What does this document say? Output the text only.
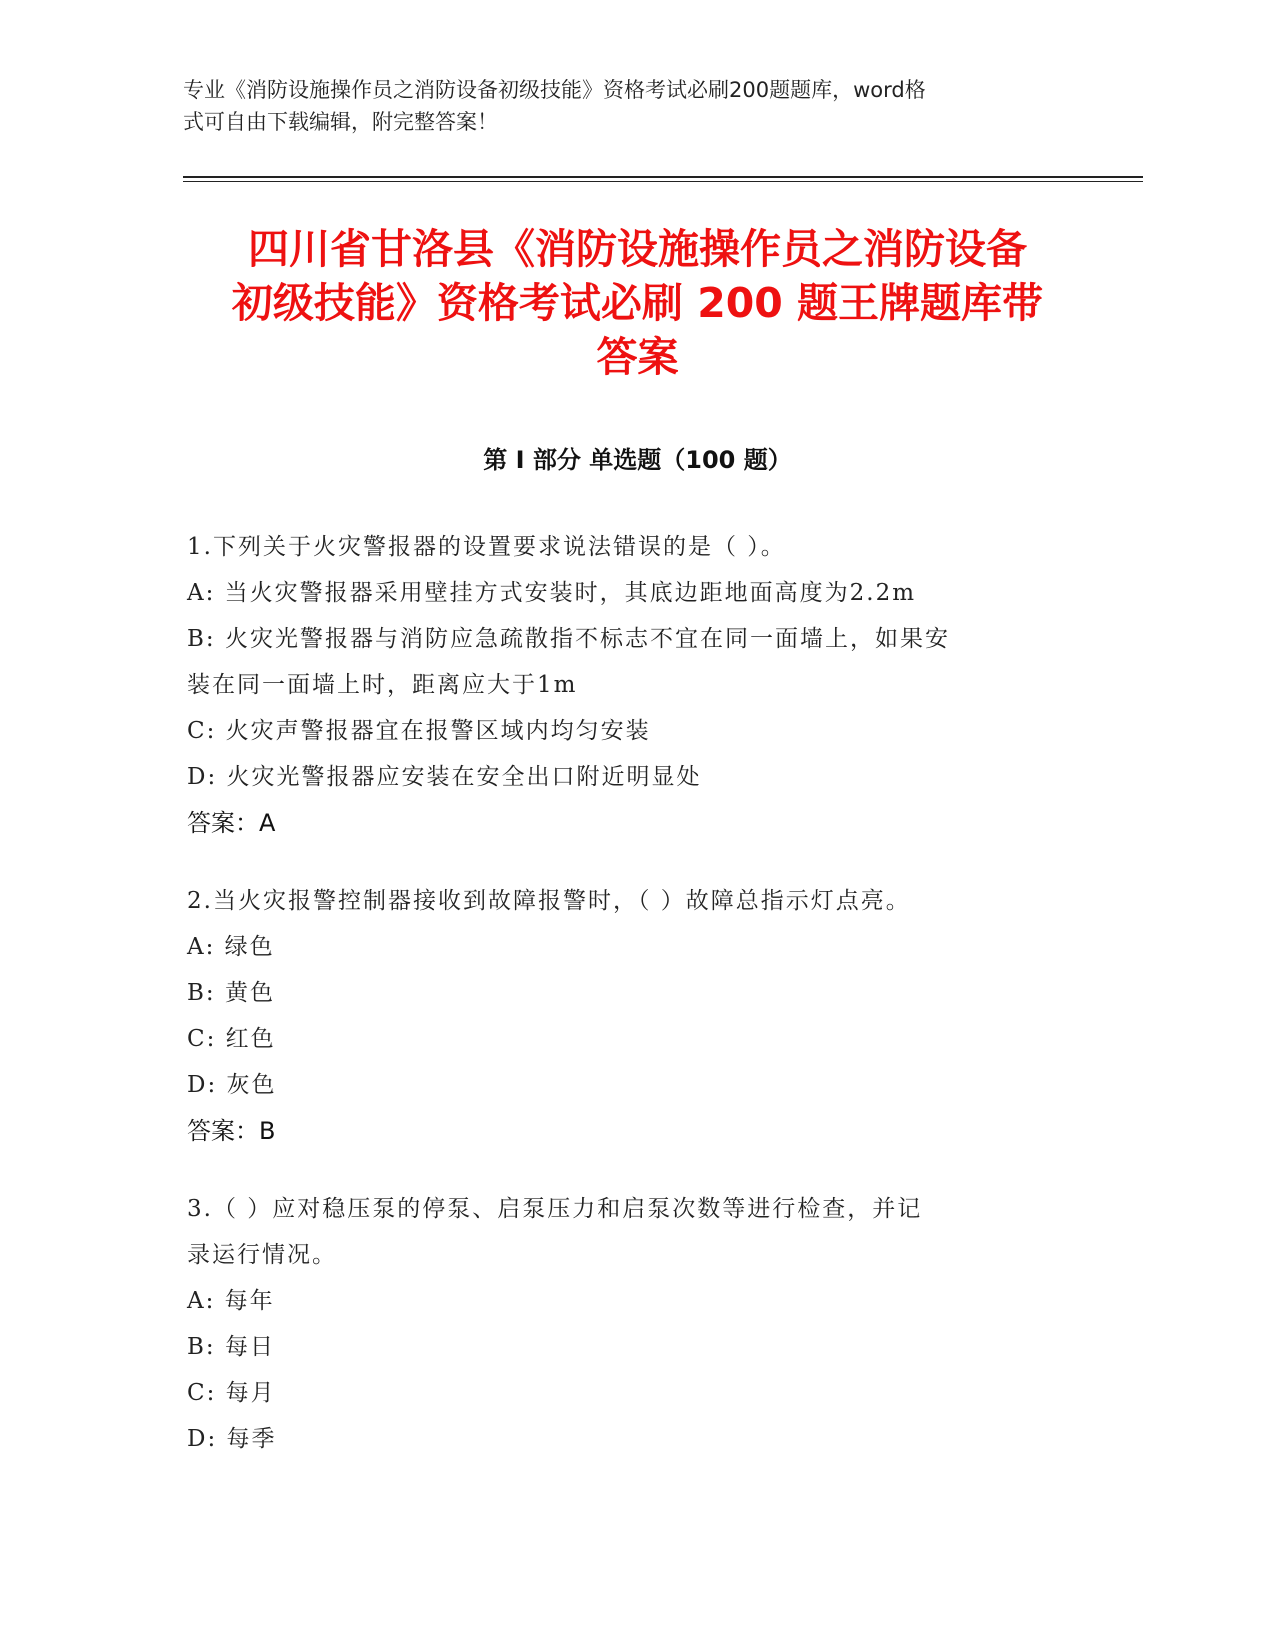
专业《消防设施操作员之消防设备初级技能》资格考试必刷200题题库，word格
式可自由下载编辑，附完整答案！
四川省甘洛县《消防设施操作员之消防设备
初级技能》资格考试必刷 200 题王牌题库带
答案
第 I 部分 单选题（100 题）
1.下列关于火灾警报器的设置要求说法错误的是（ ）。
A: 当火灾警报器采用壁挂方式安装时，其底边距地面高度为2.2m
B: 火灾光警报器与消防应急疏散指不标志不宜在同一面墙上，如果安
装在同一面墙上时，距离应大于1m
C: 火灾声警报器宜在报警区域内均匀安装
D: 火灾光警报器应安装在安全出口附近明显处
答案：A
2.当火灾报警控制器接收到故障报警时，（ ）故障总指示灯点亮。
A: 绿色
B: 黄色
C: 红色
D: 灰色
答案：B
3.（ ）应对稳压泵的停泵、启泵压力和启泵次数等进行检查，并记
录运行情况。
A: 每年
B: 每日
C: 每月
D: 每季
